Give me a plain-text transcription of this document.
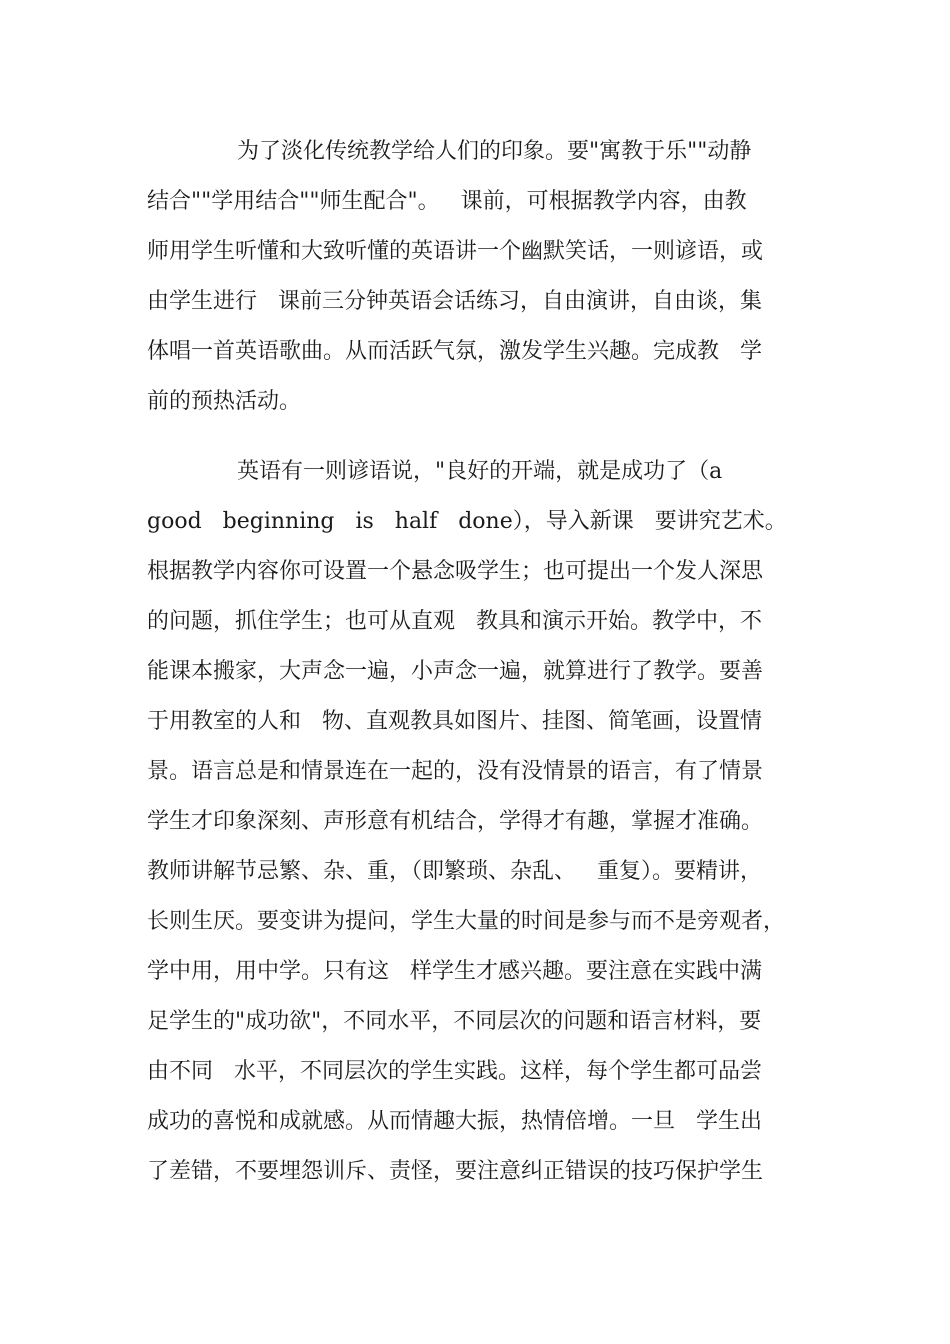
为了淡化传统教学给人们的印象。要"寓教于乐""动静
结合""学用结合""师生配合"。   课前，可根据教学内容，由教
师用学生听懂和大致听懂的英语讲一个幽默笑话，一则谚语，或
由学生进行   课前三分钟英语会话练习，自由演讲，自由谈，集
体唱一首英语歌曲。从而活跃气氛，激发学生兴趣。完成教   学
前的预热活动。
英语有一则谚语说，"良好的开端，就是成功了（a
good   beginning   is   half   done），导入新课   要讲究艺术。
根据教学内容你可设置一个悬念吸学生；也可提出一个发人深思
的问题，抓住学生；也可从直观   教具和演示开始。教学中，不
能课本搬家，大声念一遍，小声念一遍，就算进行了教学。要善
于用教室的人和   物、直观教具如图片、挂图、简笔画，设置情
景。语言总是和情景连在一起的，没有没情景的语言，有了情景
学生才印象深刻、声形意有机结合，学得才有趣，掌握才准确。
教师讲解节忌繁、杂、重，（即繁琐、杂乱、   重复）。要精讲，
长则生厌。要变讲为提问，学生大量的时间是参与而不是旁观者，
学中用，用中学。只有这   样学生才感兴趣。要注意在实践中满
足学生的"成功欲"，不同水平，不同层次的问题和语言材料，要
由不同   水平，不同层次的学生实践。这样，每个学生都可品尝
成功的喜悦和成就感。从而情趣大振，热情倍增。一旦   学生出
了差错，不要埋怨训斥、责怪，要注意纠正错误的技巧保护学生
